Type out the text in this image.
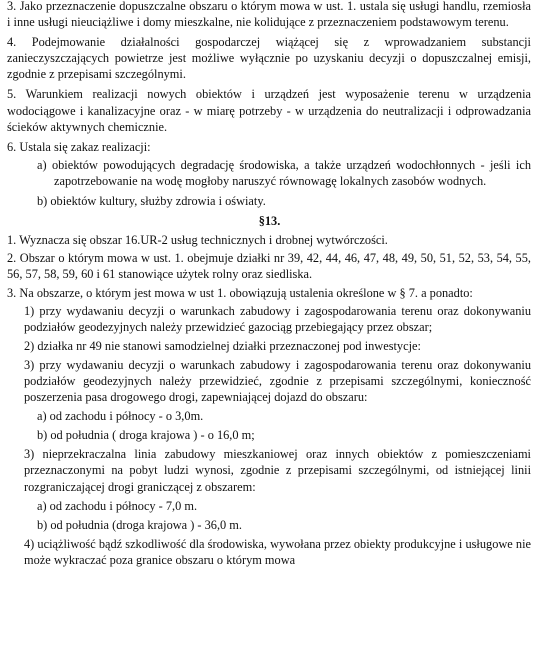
3. Jako przeznaczenie dopuszczalne obszaru o którym mowa w ust. 1. ustala się usługi handlu, rzemiosła i inne usługi nieuciążliwe i domy mieszkalne, nie kolidujące z przeznaczeniem podstawowym terenu.

4. Podejmowanie działalności gospodarczej wiążącej się z wprowadzaniem substancji zanieczyszczających powietrze jest możliwe wyłącznie po uzyskaniu decyzji o dopuszczalnej emisji, zgodnie z przepisami szczególnymi.

5. Warunkiem realizacji nowych obiektów i urządzeń jest wyposażenie terenu w urządzenia wodociągowe i kanalizacyjne oraz - w miarę potrzeby - w urządzenia do neutralizacji i odprowadzania ścieków aktywnych chemicznie.

6. Ustala się zakaz realizacji:

a) obiektów powodujących degradację środowiska, a także urządzeń wodochłonnych - jeśli ich zapotrzebowanie na wodę mogłoby naruszyć równowagę lokalnych zasobów wodnych.

b) obiektów kultury, służby zdrowia i oświaty.

§13.

1. Wyznacza się obszar 16.UR-2 usług technicznych i drobnej wytwórczości.

2. Obszar o którym mowa w ust. 1. obejmuje działki nr 39, 42, 44, 46, 47, 48, 49, 50, 51, 52, 53, 54, 55, 56, 57, 58, 59, 60 i 61 stanowiące użytek rolny oraz siedliska.

3. Na obszarze, o którym jest mowa w ust 1. obowiązują ustalenia określone w § 7. a ponadto:

1) przy wydawaniu decyzji o warunkach zabudowy i zagospodarowania terenu oraz dokonywaniu podziałów geodezyjnych należy przewidzieć gazociąg przebiegający przez obszar;

2) działka nr 49 nie stanowi samodzielnej działki przeznaczonej pod inwestycje:

3) przy wydawaniu decyzji o warunkach zabudowy i zagospodarowania terenu oraz dokonywaniu podziałów geodezyjnych należy przewidzieć, zgodnie z przepisami szczególnymi, konieczność poszerzenia pasa drogowego drogi, zapewniającej dojazd do obszaru:

a) od zachodu i północy - o 3,0m.

b) od południa ( droga krajowa ) - o 16,0 m;

3) nieprzekraczalna linia zabudowy mieszkaniowej oraz innych obiektów z pomieszczeniami przeznaczonymi na pobyt ludzi wynosi, zgodnie z przepisami szczególnymi, od istniejącej linii rozgraniczającej drogi graniczącej z obszarem:

a) od zachodu i północy - 7,0 m.

b) od południa (droga krajowa ) - 36,0 m.

4) uciążliwość bądź szkodliwość dla środowiska, wywołana przez obiekty produkcyjne i usługowe nie może wykraczać poza granice obszaru o którym mowa
